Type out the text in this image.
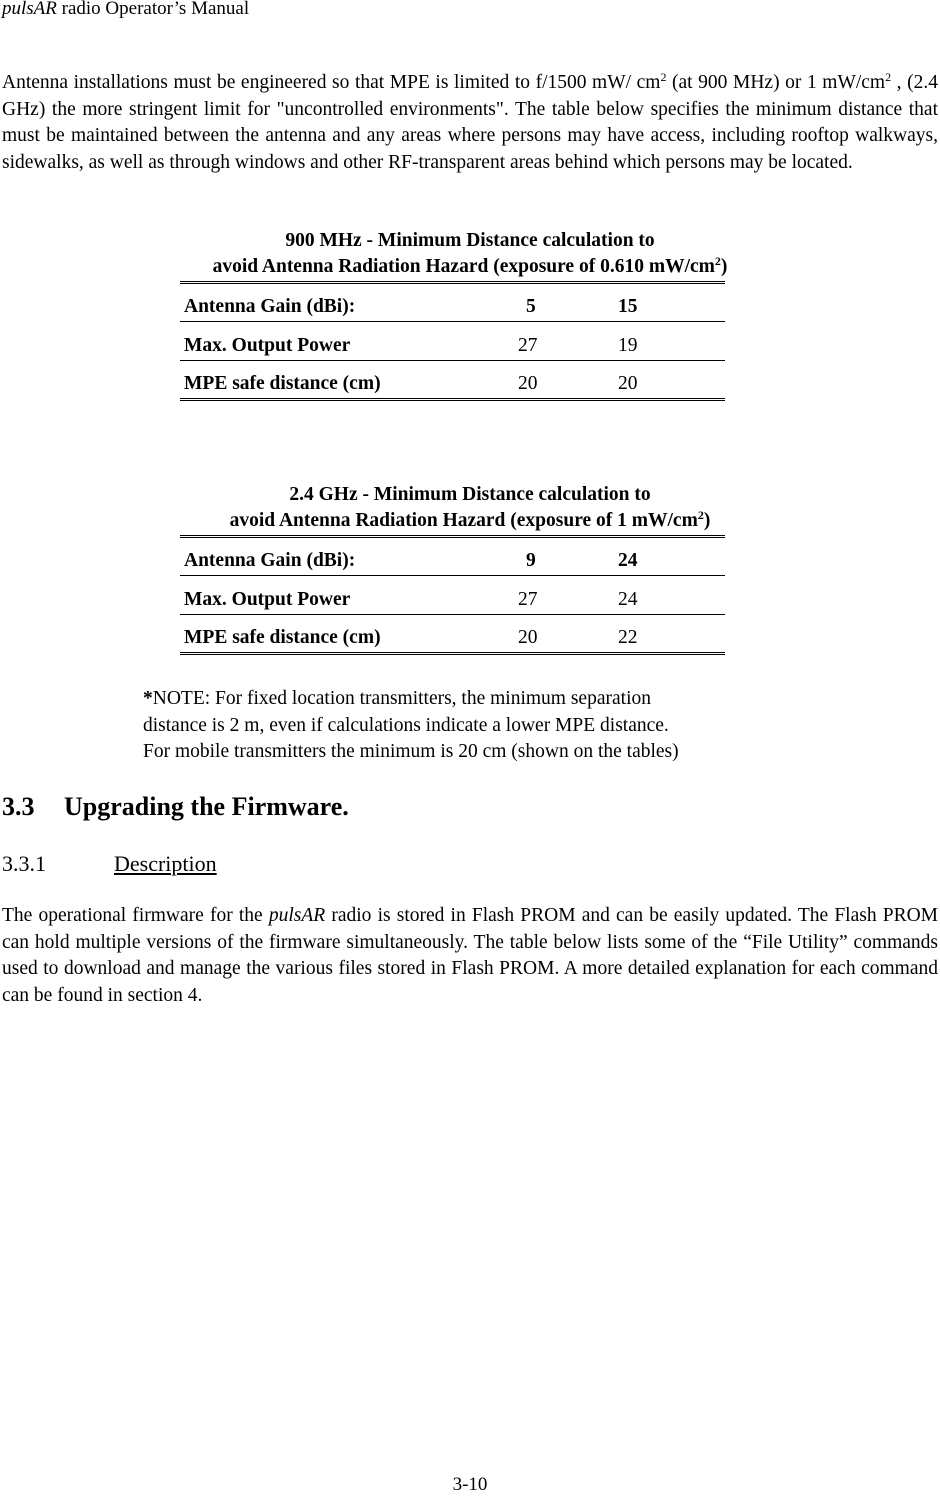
pulsAR radio Operator’s Manual

Antenna installations must be engineered so that MPE is limited to f/1500 mW/ $cm^2$ (at 900 MHz) or 1 $mW/cm^2$ , (2.4 GHz) the more stringent limit for "uncontrolled environments". The table below specifies the minimum distance that must be maintained between the antenna and any areas where persons may have access, including rooftop walkways, sidewalks, as well as through windows and other RF-transparent areas behind which persons may be located.

900 MHz - Minimum Distance calculation to
avoid Antenna Radiation Hazard (exposure of 0.610 $mW/cm^2$)
Antenna Gain (dBi):	5	15
Max. Output Power	27	19
MPE safe distance (cm)	20	20
2.4 GHz - Minimum Distance calculation to
avoid Antenna Radiation Hazard (exposure of 1 $mW/cm^2$)
Antenna Gain (dBi):	9	24
Max. Output Power	27	24
MPE safe distance (cm)	20	22
*NOTE: For fixed location transmitters, the minimum separation
distance is 2 m, even if calculations indicate a lower MPE distance.
For mobile transmitters the minimum is 20 cm (shown on the tables)
3.3 Upgrading the Firmware.
3.3.1	Description

The operational firmware for the pulsAR radio is stored in Flash PROM and can be easily updated. The Flash PROM can hold multiple versions of the firmware simultaneously. The table below lists some of the “File Utility” commands used to download and manage the various files stored in Flash PROM. A more detailed explanation for each command can be found in section 4.

3-10
